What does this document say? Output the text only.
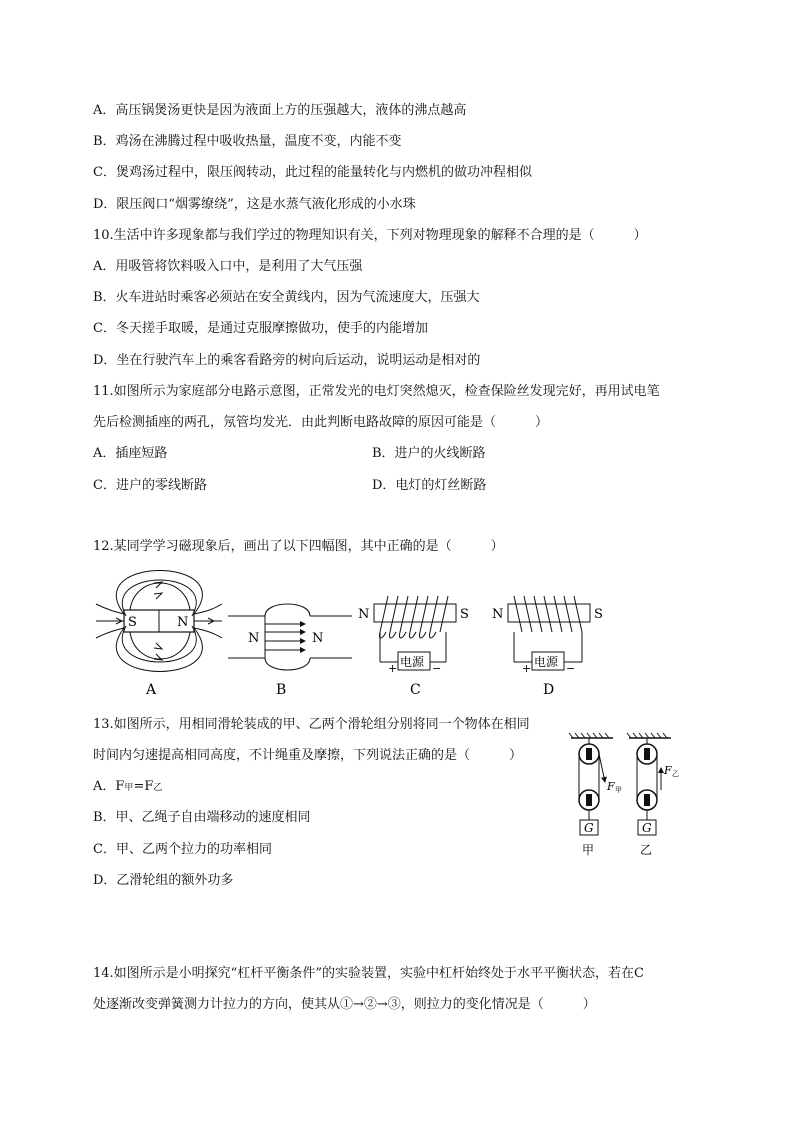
A．高压锅煲汤更快是因为液面上方的压强越大，液体的沸点越高
B．鸡汤在沸腾过程中吸收热量，温度不变，内能不变
C．煲鸡汤过程中，限压阀转动，此过程的能量转化与内燃机的做功冲程相似
D．限压阀口“烟雾缭绕”，这是水蒸气液化形成的小水珠
10.生活中许多现象都与我们学过的物理知识有关，下列对物理现象的解释不合理的是（　　　）
A．用吸管将饮料吸入口中，是利用了大气压强
B．火车进站时乘客必须站在安全黄线内，因为气流速度大，压强大
C．冬天搓手取暖，是通过克服摩擦做功，使手的内能增加
D．坐在行驶汽车上的乘客看路旁的树向后运动，说明运动是相对的
11.如图所示为家庭部分电路示意图，正常发光的电灯突然熄灭，检查保险丝发现完好，再用试电笔
先后检测插座的两孔，氖管均发光．由此判断电路故障的原因可能是（　　　）
A．插座短路	B．进户的火线断路
C．进户的零线断路	D．电灯的灯丝断路
12.某同学学习磁现象后，画出了以下四幅图，其中正确的是（　　　）
S	N
A
N	N
B
N	S
电源
+	−
C
N	S
电源
+	−
D
13.如图所示，用相同滑轮装成的甲、乙两个滑轮组分别将同一个物体在相同
时间内匀速提高相同高度，不计绳重及摩擦，下列说法正确的是（　　　）
A．F甲=F乙
B．甲、乙绳子自由端移动的速度相同
C．甲、乙两个拉力的功率相同
D．乙滑轮组的额外功多
G
F 甲
甲
G
F 乙
乙
14.如图所示是小明探究“杠杆平衡条件”的实验装置，实验中杠杆始终处于水平平衡状态，若在C
处逐渐改变弹簧测力计拉力的方向，使其从①→②→③，则拉力的变化情况是（　　　）
